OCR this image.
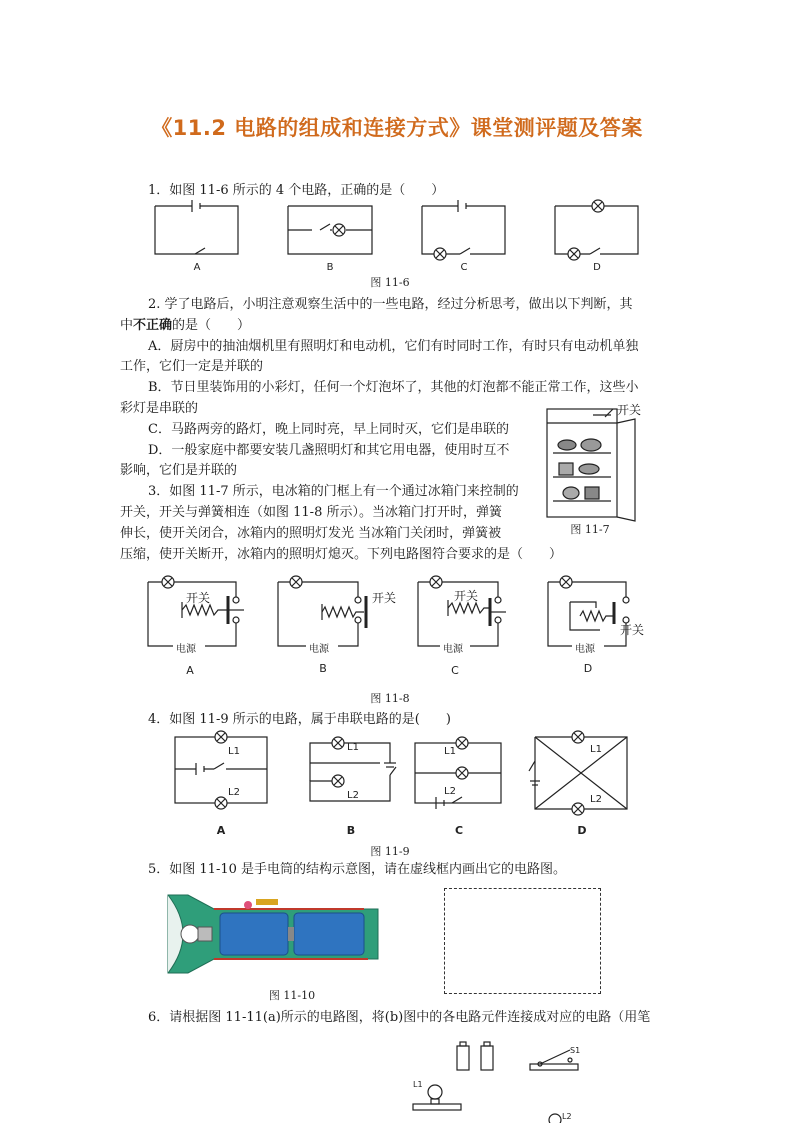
《11.2 电路的组成和连接方式》课堂测评题及答案
1．如图 11-6 所示的 4 个电路，正确的是（　　）
A	B	C	D
图 11-6
2. 学了电路后，小明注意观察生活中的一些电路，经过分析思考，做出以下判断，其
中不正确的是（　　）
A．厨房中的抽油烟机里有照明灯和电动机，它们有时同时工作，有时只有电动机单独
工作，它们一定是并联的
B．节日里装饰用的小彩灯，任何一个灯泡坏了，其他的灯泡都不能正常工作，这些小
彩灯是串联的
C．马路两旁的路灯，晚上同时亮，早上同时灭，它们是串联的
D．一般家庭中都要安装几盏照明灯和其它用电器，使用时互不
影响，它们是并联的
开关
图 11-7
3．如图 11-7 所示，电冰箱的门框上有一个通过冰箱门来控制的
开关，开关与弹簧相连（如图 11-8 所示）。当冰箱门打开时，弹簧
伸长，使开关闭合，冰箱内的照明灯发光 当冰箱门关闭时，弹簧被
压缩，使开关断开，冰箱内的照明灯熄灭。下列电路图符合要求的是（　　）
开关	开关	开关
开关
电源	电源	电源	电源
A	B	C	D
图 11-8
4．如图 11-9 所示的电路，属于串联电路的是(　　)
L1
L2
L1
L2
L1
L2
L1
L2
A	B	C	D
图 11-9
5．如图 11-10 是手电筒的结构示意图，请在虚线框内画出它的电路图。
图 11-10
6．请根据图 11-11(a)所示的电路图，将(b)图中的各电路元件连接成对应的电路（用笔
S1
L1
L2
